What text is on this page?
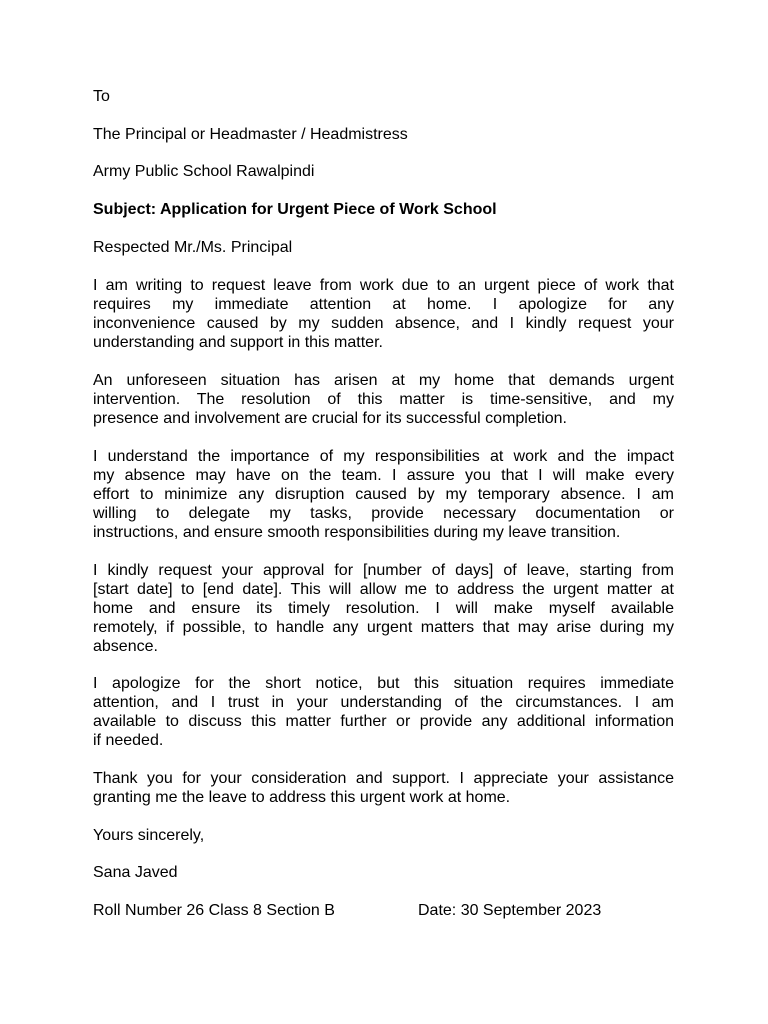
To
The Principal or Headmaster / Headmistress
Army Public School Rawalpindi
Subject: Application for Urgent Piece of Work School
Respected Mr./Ms. Principal
I am writing to request leave from work due to an urgent piece of work that
requires my immediate attention at home. I apologize for any
inconvenience caused by my sudden absence, and I kindly request your
understanding and support in this matter.
An unforeseen situation has arisen at my home that demands urgent
intervention. The resolution of this matter is time-sensitive, and my
presence and involvement are crucial for its successful completion.
I understand the importance of my responsibilities at work and the impact
my absence may have on the team. I assure you that I will make every
effort to minimize any disruption caused by my temporary absence. I am
willing to delegate my tasks, provide necessary documentation or
instructions, and ensure smooth responsibilities during my leave transition.
I kindly request your approval for [number of days] of leave, starting from
[start date] to [end date]. This will allow me to address the urgent matter at
home and ensure its timely resolution. I will make myself available
remotely, if possible, to handle any urgent matters that may arise during my
absence.
I apologize for the short notice, but this situation requires immediate
attention, and I trust in your understanding of the circumstances. I am
available to discuss this matter further or provide any additional information
if needed.
Thank you for your consideration and support. I appreciate your assistance
granting me the leave to address this urgent work at home.
Yours sincerely,
Sana Javed
Roll Number 26 Class 8 Section B	Date: 30 September 2023
